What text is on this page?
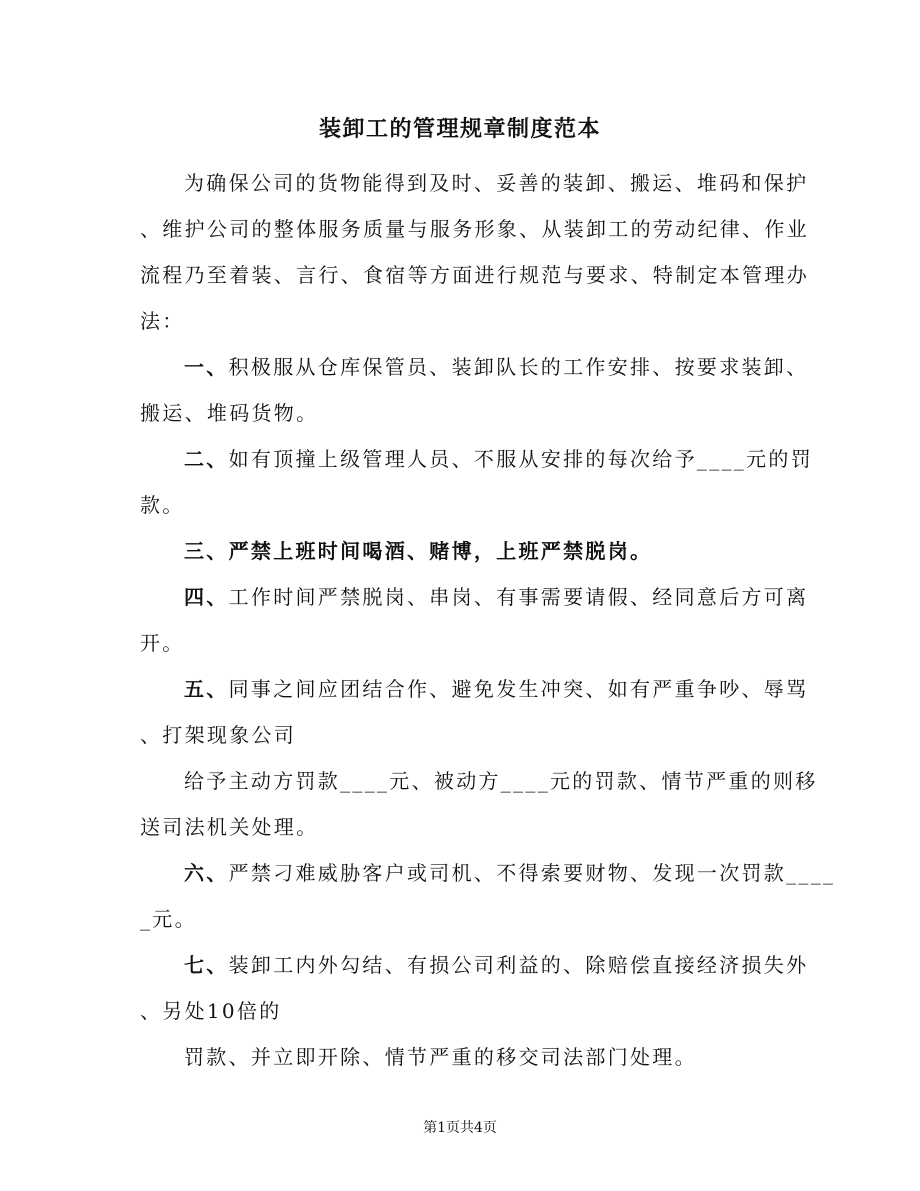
装卸工的管理规章制度范本
为确保公司的货物能得到及时、妥善的装卸、搬运、堆码和保护
、维护公司的整体服务质量与服务形象、从装卸工的劳动纪律、作业
流程乃至着装、言行、食宿等方面进行规范与要求、特制定本管理办
法：
一、积极服从仓库保管员、装卸队长的工作安排、按要求装卸、
搬运、堆码货物。
二、如有顶撞上级管理人员、不服从安排的每次给予____元的罚
款。
三、严禁上班时间喝酒、赌博，上班严禁脱岗。
四、工作时间严禁脱岗、串岗、有事需要请假、经同意后方可离
开。
五、同事之间应团结合作、避免发生冲突、如有严重争吵、辱骂
、打架现象公司
给予主动方罚款____元、被动方____元的罚款、情节严重的则移
送司法机关处理。
六、严禁刁难威胁客户或司机、不得索要财物、发现一次罚款____
_元。
七、装卸工内外勾结、有损公司利益的、除赔偿直接经济损失外
、另处10倍的
罚款、并立即开除、情节严重的移交司法部门处理。
第1页共4页
